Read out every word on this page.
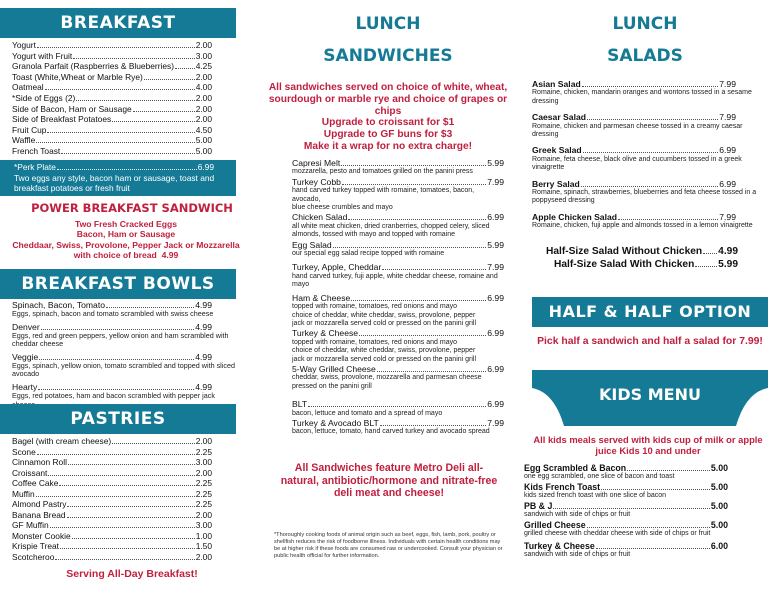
BREAKFAST
Yogurt	2.00
Yogurt with Fruit	3.00
Granola Parfait (Raspberries & Blueberries)	4.25
Toast (White,Wheat or Marble Rye)	2.00
Oatmeal	4.00
*Side of Eggs (2)	2.00
Side of Bacon, Ham or Sausage	2.00
Side of Breakfast Potatoes	2.00
Fruit Cup	4.50
Waffle	5.00
French Toast	5.00
*Perk Plate	6.99
Two eggs any style, bacon ham or sausage, toast and breakfast potatoes or fresh fruit
POWER BREAKFAST SANDWICH
Two Fresh Cracked Eggs
Bacon, Ham or Sausage
Cheddaar, Swiss, Provolone, Pepper Jack or Mozzarella with choice of bread 4.99
BREAKFAST BOWLS
Spinach, Bacon, Tomato	4.99
Eggs, spinach, bacon and tomato scrambled with swiss cheese
Denver	4.99
Eggs, red and green peppers, yellow onion and ham scrambled with cheddar cheese
Veggie	4.99
Eggs, spinach, yellow onion, tomato scrambled and topped with sliced avocado
Hearty	4.99
Eggs, red potatoes, ham and bacon scrambled with pepper jack
PASTRIES
Bagel (with cream cheese)	2.00
Scone	2.25
Cinnamon Roll	3.00
Croissant	2.00
Coffee Cake	2.25
Muffin	2.25
Almond Pastry	2.25
Banana Bread	2.00
GF Muffin	3.00
Monster Cookie	1.00
Krispie Treat	1.50
Scotcheroo	2.00
Serving All-Day Breakfast!
LUNCH
SANDWICHES
All sandwiches served on choice of white, wheat, sourdough or marble rye and choice of grapes or chips
Upgrade to croissant for $1
Upgrade to GF buns for $3
Make it a wrap for no extra charge!
Capresi Melt	5.99
mozzarella, pesto and tomatoes grilled on the panini press
Turkey Cobb	7.99
hand carved turkey topped with romaine, tomatoes, bacon, avocado,
blue cheese crumbles and mayo
Chicken Salad	6.99
all white meat chicken, dried cranberries, chopped celery, sliced
almonds, tossed with mayo and topped with romaine
Egg Salad	5.99
our special egg salad recipe topped with romaine
Turkey, Apple, Cheddar	7.99
hand carved turkey, fuji apple, white cheddar cheese, romaine and mayo
Ham & Cheese	6.99
topped with romaine, tomatoes, red onions and mayo
choice of cheddar, white cheddar, swiss, provolone, pepper
jack or mozzarella served cold or pressed on the panini grill
Turkey & Cheese	6.99
topped with romaine, tomatoes, red onions and mayo
choice of cheddar, white cheddar, swiss, provolone, pepper
jack or mozzarella served cold or pressed on the panini grill
5-Way Grilled Cheese	6.99
cheddar, swiss, provolone, mozzarella and parmesan cheese
pressed on the panini grill
BLT	6.99
bacon, lettuce and tomato and a spread of mayo
Turkey & Avocado BLT	7.99
bacon, lettuce, tomato, hand carved turkey and avocado spread
All Sandwiches feature Metro Deli all-natural, antibiotic/hormone and nitrate-free deli meat and cheese!
*Thoroughly cooking foods of animal origin such as beef, eggs, fish, lamb, pork, poultry or shellfish reduces the risk of foodborne illness. Individuals with certain health conditions may be at higher risk if these foods are consumed raw or undercooked. Consult your physician or public health official for further information.
LUNCH
SALADS
Asian Salad	7.99
Romaine, chicken, mandarin oranges and wontons tossed in a sesame dressing
Caesar Salad	7.99
Romaine, chicken and parmesan cheese tossed in a creamy caesar dressing
Greek Salad	6.99
Romaine, feta cheese, black olive and cucumbers tossed in a greek vinaigrette
Berry Salad	6.99
Romaine, spinach, strawberries, blueberries and feta cheese tossed in a poppyseed dressing
Apple Chicken Salad	7.99
Romaine, chicken, fuji apple and almonds tossed in a lemon vinaigrette
Half-Size Salad Without Chicken 4.99
Half-Size Salad With Chicken 5.99
HALF & HALF OPTION
Pick half a sandwich and half a salad for 7.99!
KIDS MENU
All kids meals served with kids cup of milk or apple juice Kids 10 and under
Egg Scrambled & Bacon	5.00
one egg scrambled, one slice of bacon and toast
Kids French Toast	5.00
kids sized french toast with one slice of bacon
PB & J	5.00
sandwich with side of chips or fruit
Grilled Cheese	5.00
grilled cheese with cheddar cheese with side of chips or fruit
Turkey & Cheese	6.00
sandwich with side of chips or fruit
